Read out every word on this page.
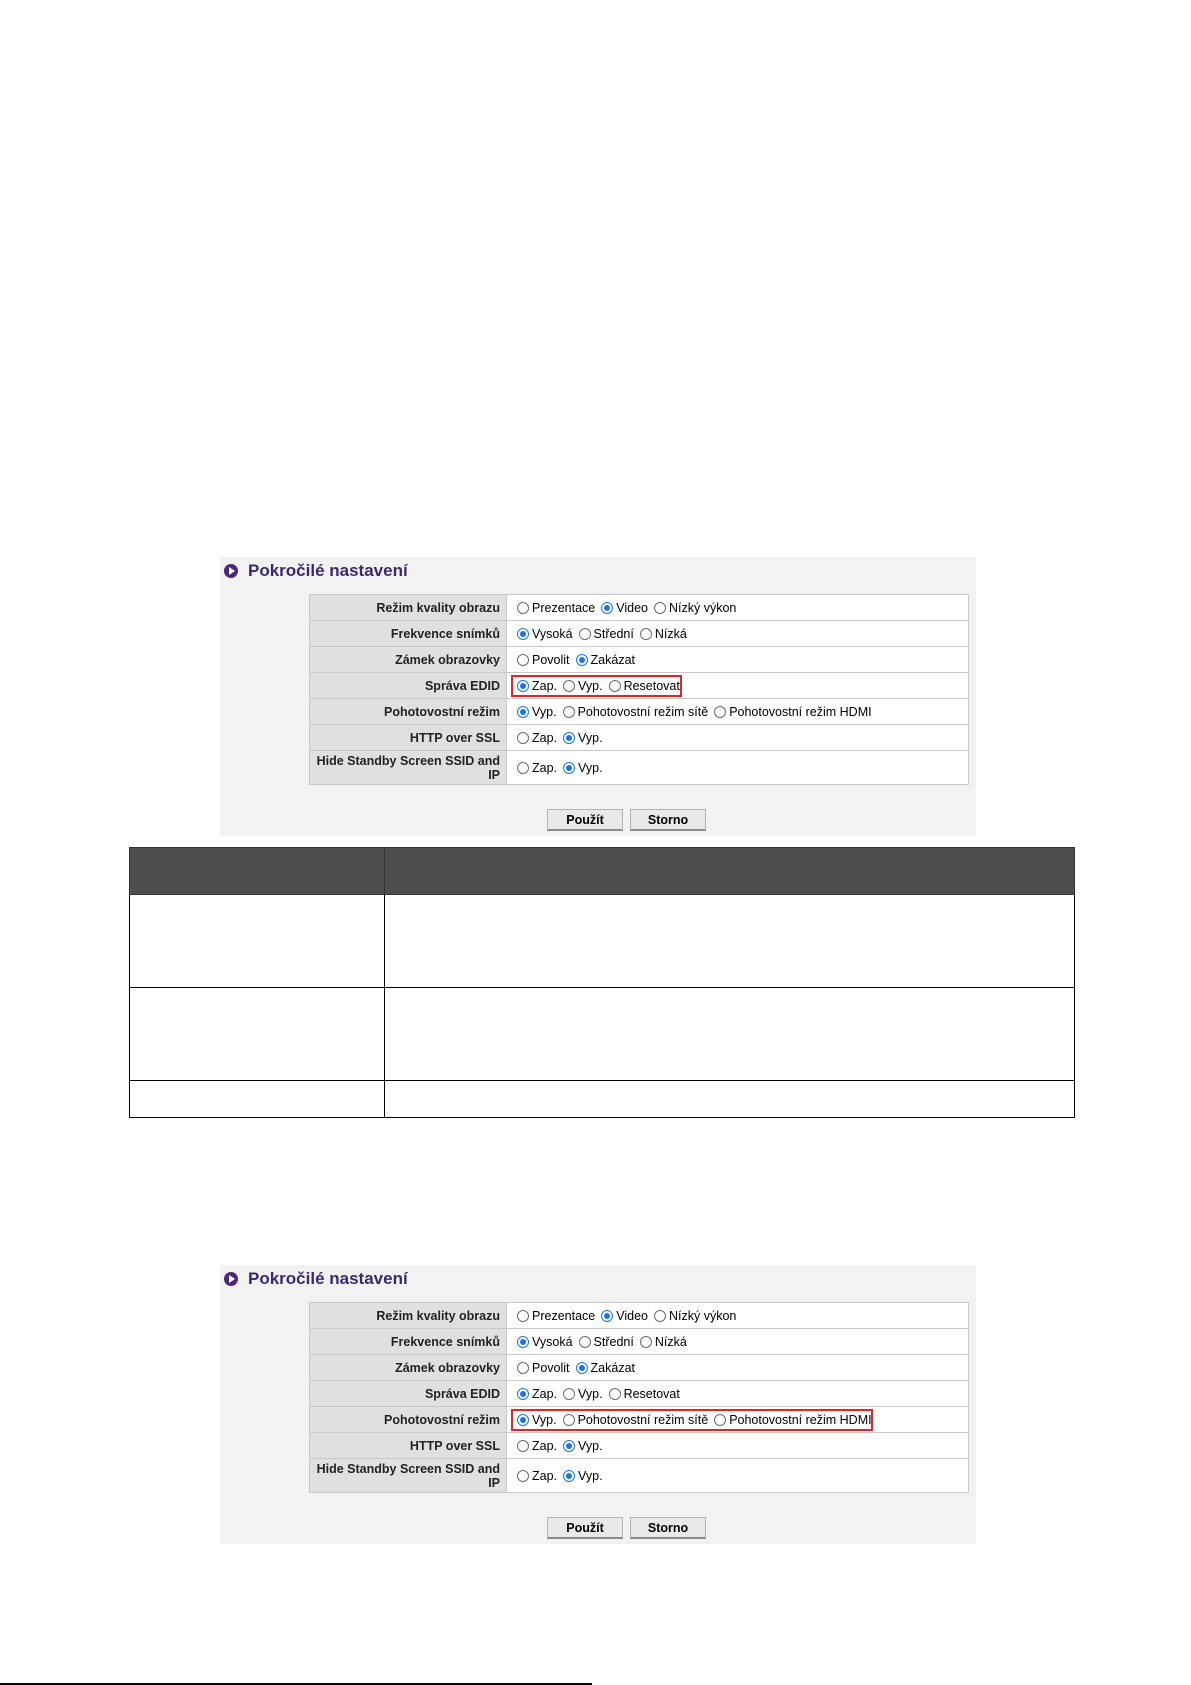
Pokročilé nastavení
Režim kvality obrazu	Prezentace Video Nízký výkon

Frekvence snímků	Vysoká Střední Nízká

Zámek obrazovky	Povolit Zakázat

Správa EDID	Zap. Vyp. Resetovat

Pohotovostní režim	Vyp. Pohotovostní režim sítě Pohotovostní režim HDMI

HTTP over SSL	Zap. Vyp.

Hide Standby Screen SSID and IP	Zap. Vyp.
Použít	Storno

Pokročilé nastavení
Režim kvality obrazu	Prezentace Video Nízký výkon

Frekvence snímků	Vysoká Střední Nízká

Zámek obrazovky	Povolit Zakázat

Správa EDID	Zap. Vyp. Resetovat

Pohotovostní režim	Vyp. Pohotovostní režim sítě Pohotovostní režim HDMI

HTTP over SSL	Zap. Vyp.

Hide Standby Screen SSID and IP	Zap. Vyp.
Použít	Storno
